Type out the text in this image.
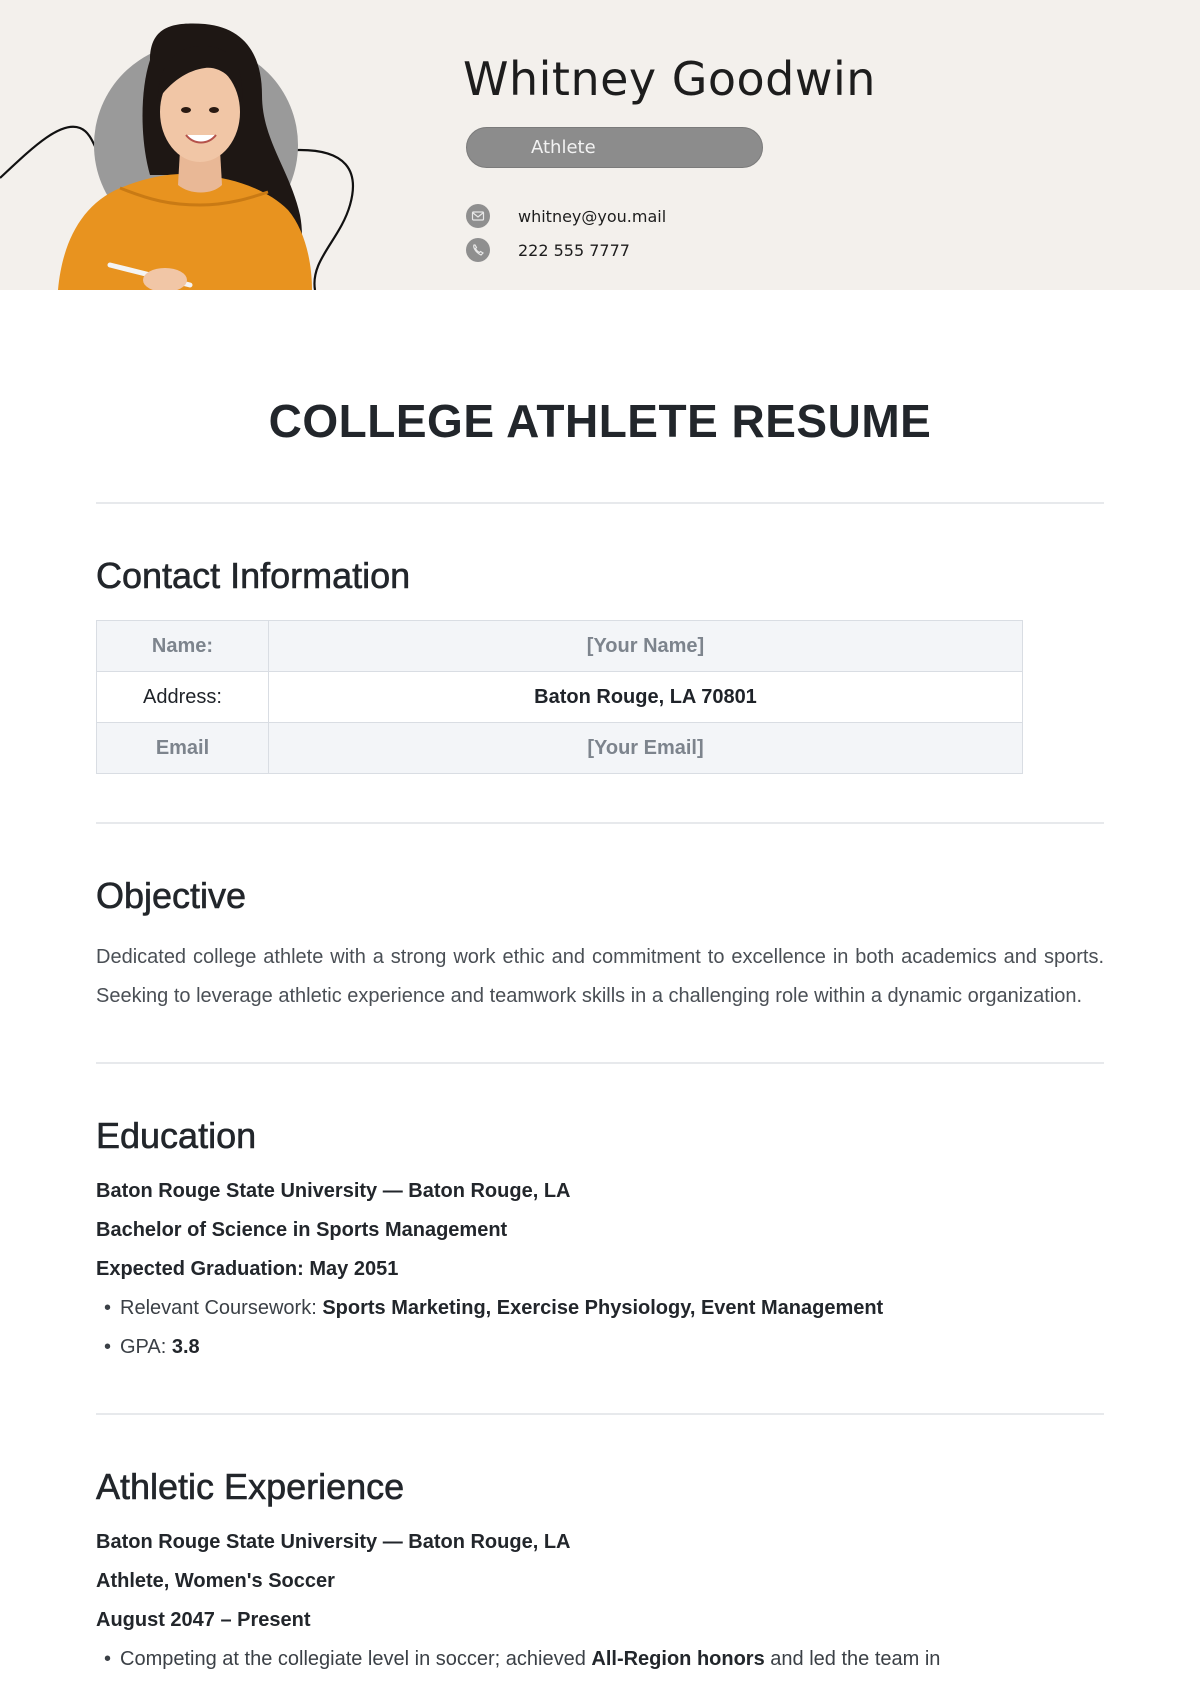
Whitney Goodwin
Athlete
whitney@you.mail
222 555 7777
COLLEGE ATHLETE RESUME
Contact Information
Name:	[Your Name]
Address:	Baton Rouge, LA 70801
Email	[Your Email]
Objective

Dedicated college athlete with a strong work ethic and commitment to excellence in both academics and sports. Seeking to leverage athletic experience and teamwork skills in a challenging role within a dynamic organization.

Education
Baton Rouge State University — Baton Rouge, LA
Bachelor of Science in Sports Management
Expected Graduation: May 2051
• Relevant Coursework: Sports Marketing, Exercise Physiology, Event Management
• GPA: 3.8
Athletic Experience
Baton Rouge State University — Baton Rouge, LA
Athlete, Women's Soccer
August 2047 – Present
• Competing at the collegiate level in soccer; achieved All-Region honors and led the team in
